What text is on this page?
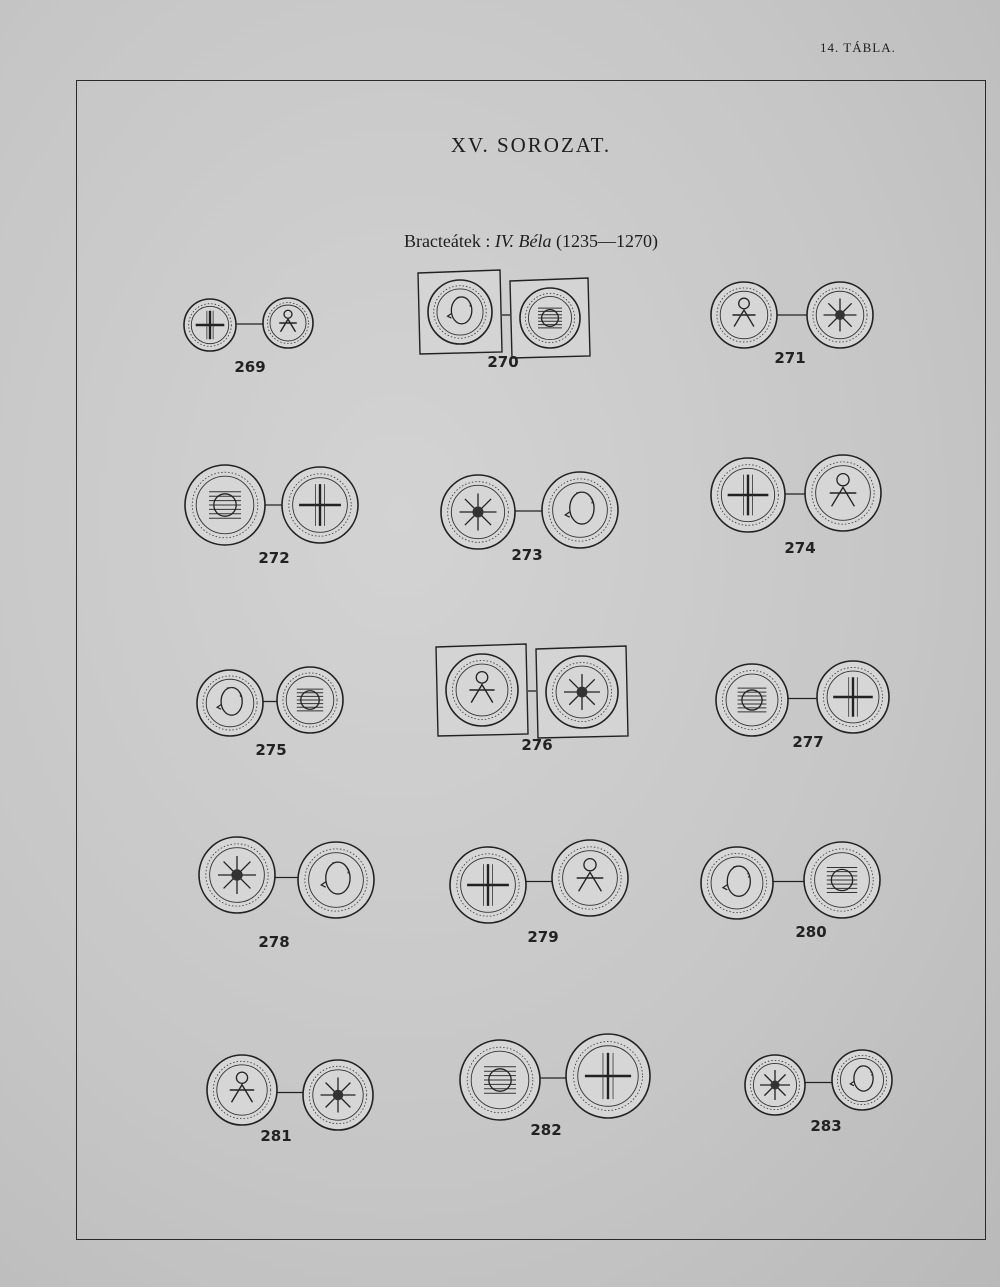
14. TÁBLA.
XV. SOROZAT.
Bracteátek : IV. Béla (1235—1270)
269	270	271
272	273	274
275	276	277
278	279	280
281	282	283
